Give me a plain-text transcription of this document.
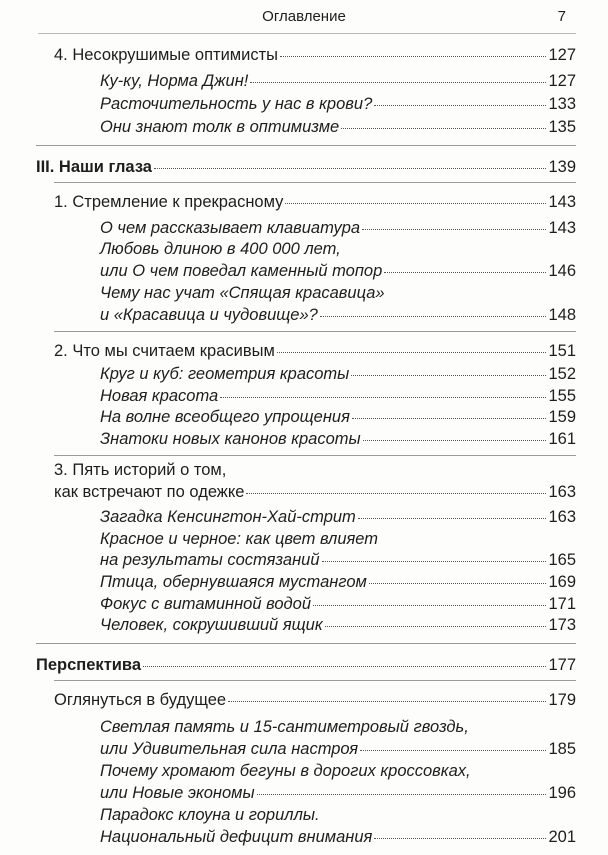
Оглавление	7
4. Несокрушимые оптимисты	127
Ку-ку, Норма Джин!	127
Расточительность у нас в крови?	133
Они знают толк в оптимизме	135
III. Наши глаза	139
1. Стремление к прекрасному	143
О чем рассказывает клавиатура	143
Любовь длиною в 400 000 лет,
или О чем поведал каменный топор	146
Чему нас учат «Спящая красавица»
и «Красавица и чудовище»?	148
2. Что мы считаем красивым	151
Круг и куб: геометрия красоты	152
Новая красота	155
На волне всеобщего упрощения	159
Знатоки новых канонов красоты	161
3. Пять историй о том,
как встречают по одежке	163
Загадка Кенсингтон-Хай-стрит	163
Красное и черное: как цвет влияет
на результаты состязаний	165
Птица, обернувшаяся мустангом	169
Фокус с витаминной водой	171
Человек, сокрушивший ящик	173
Перспектива	177
Оглянуться в будущее	179
Светлая память и 15-сантиметровый гвоздь,
или Удивительная сила настроя	185
Почему хромают бегуны в дорогих кроссовках,
или Новые экономы	196
Парадокс клоуна и гориллы.
Национальный дефицит внимания	201
